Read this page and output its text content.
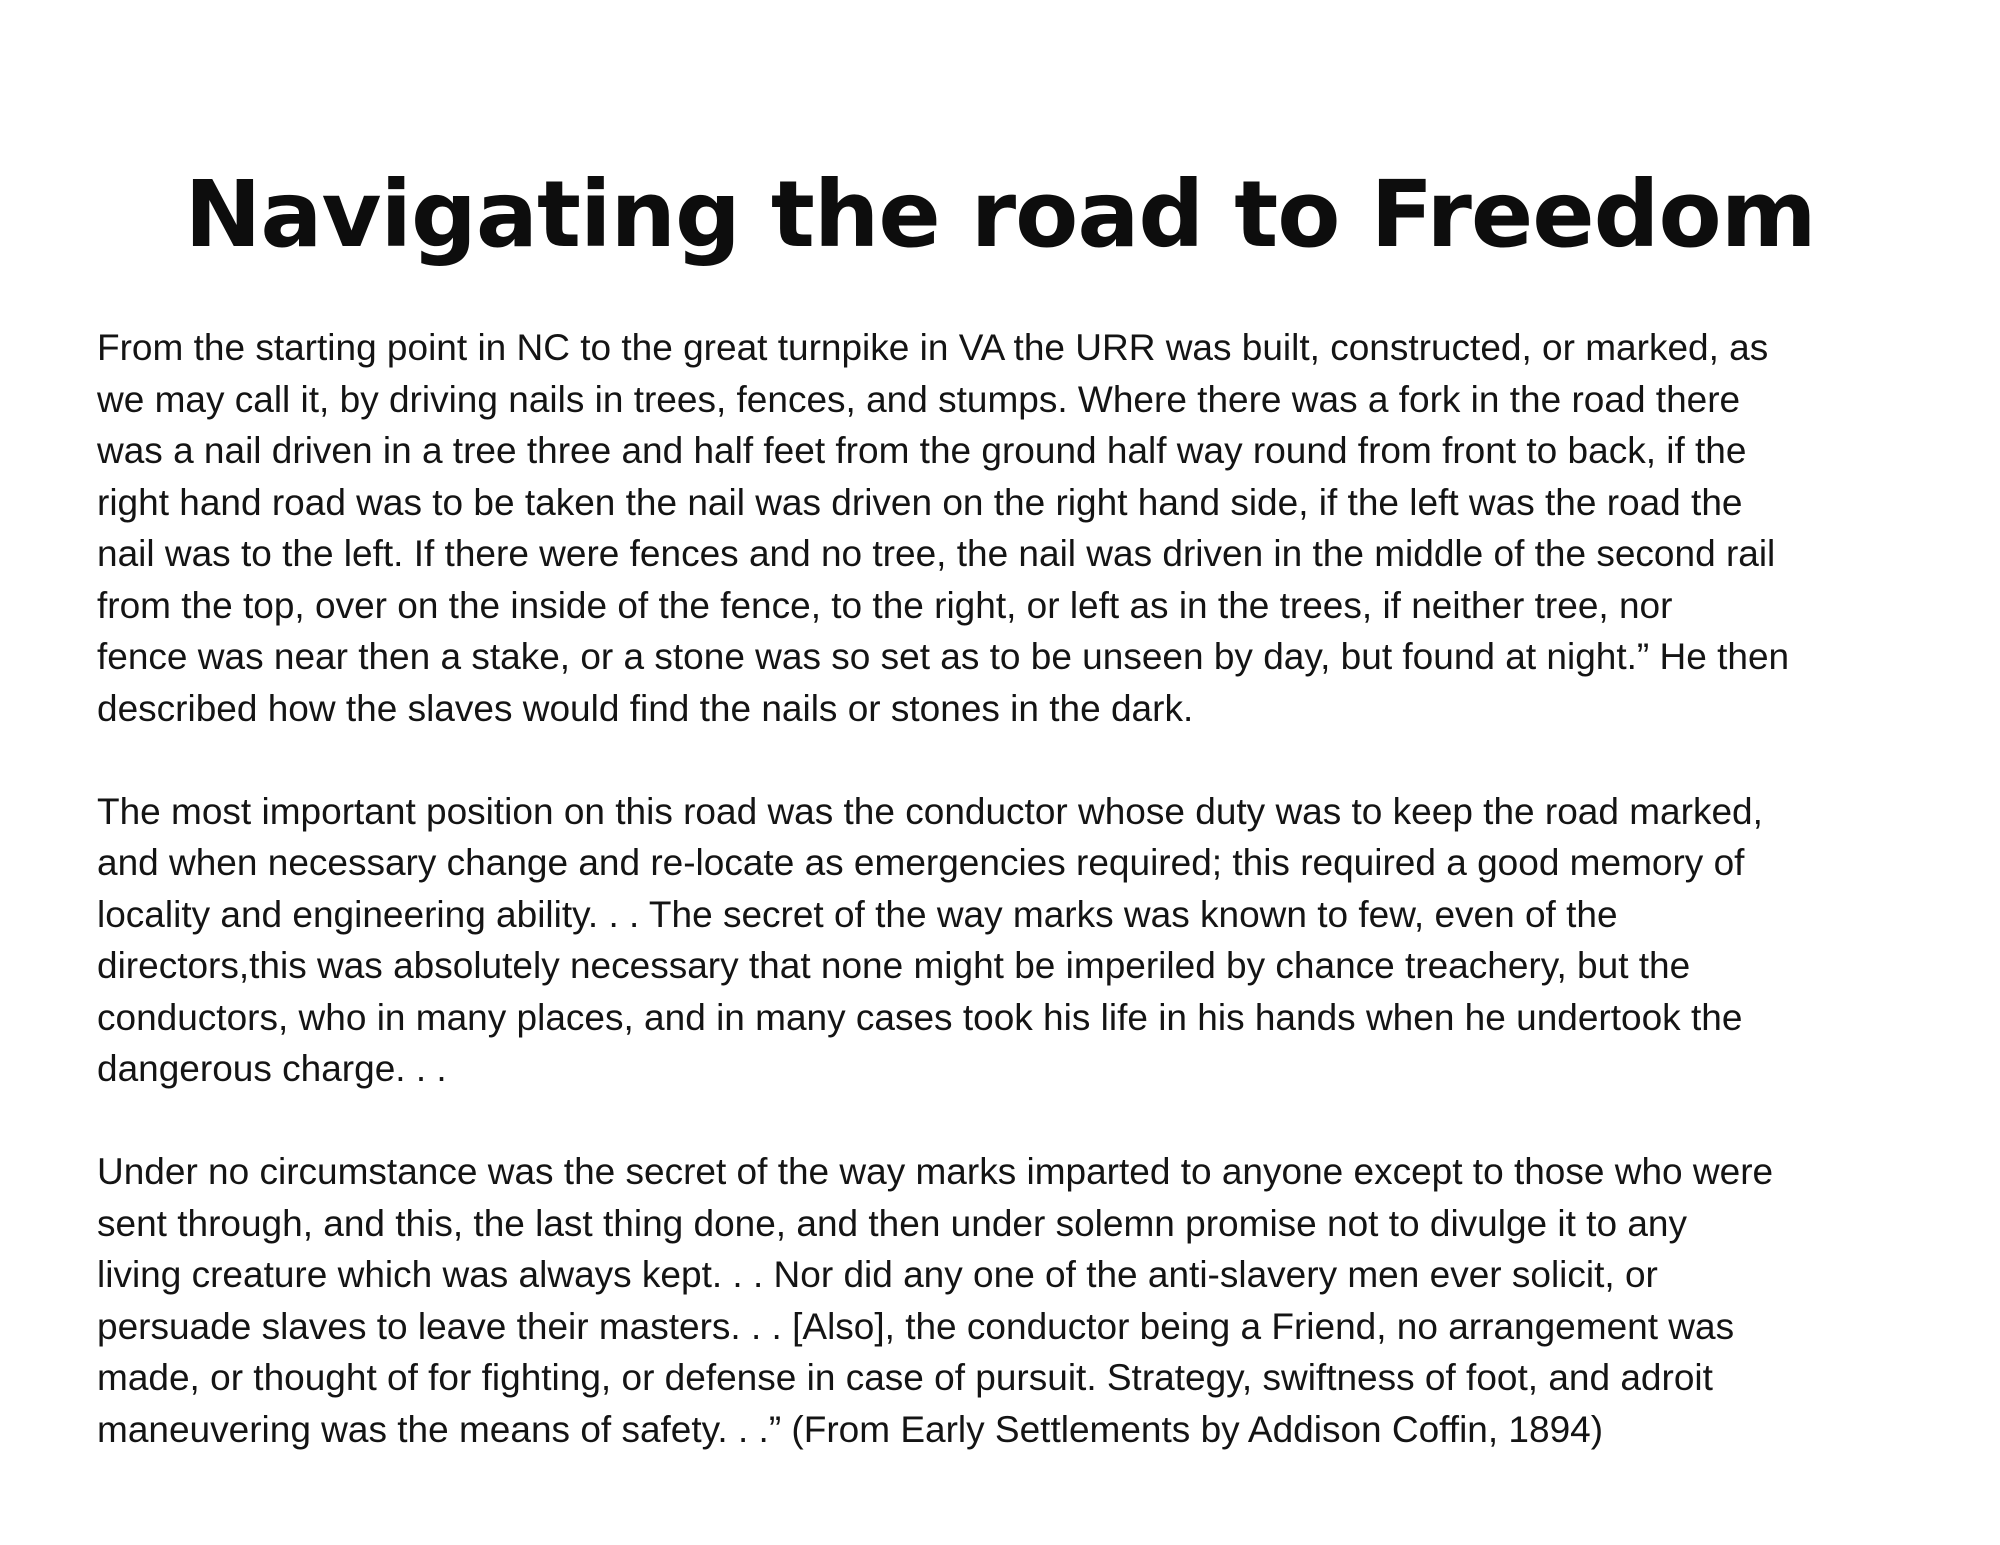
Navigating the road to Freedom

From the starting point in NC to the great turnpike in VA the URR was built, constructed, or marked, as
we may call it, by driving nails in trees, fences, and stumps. Where there was a fork in the road there
was a nail driven in a tree three and half feet from the ground half way round from front to back, if the
right hand road was to be taken the nail was driven on the right hand side, if the left was the road the
nail was to the left. If there were fences and no tree, the nail was driven in the middle of the second rail
from the top, over on the inside of the fence, to the right, or left as in the trees, if neither tree, nor
fence was near then a stake, or a stone was so set as to be unseen by day, but found at night.” He then
described how the slaves would find the nails or stones in the dark.

The most important position on this road was the conductor whose duty was to keep the road marked,
and when necessary change and re-locate as emergencies required; this required a good memory of
locality and engineering ability. . . The secret of the way marks was known to few, even of the
directors,this was absolutely necessary that none might be imperiled by chance treachery, but the
conductors, who in many places, and in many cases took his life in his hands when he undertook the
dangerous charge. . .

Under no circumstance was the secret of the way marks imparted to anyone except to those who were
sent through, and this, the last thing done, and then under solemn promise not to divulge it to any
living creature which was always kept. . . Nor did any one of the anti-slavery men ever solicit, or
persuade slaves to leave their masters. . . [Also], the conductor being a Friend, no arrangement was
made, or thought of for fighting, or defense in case of pursuit. Strategy, swiftness of foot, and adroit
maneuvering was the means of safety. . .” (From Early Settlements by Addison Coffin, 1894)
